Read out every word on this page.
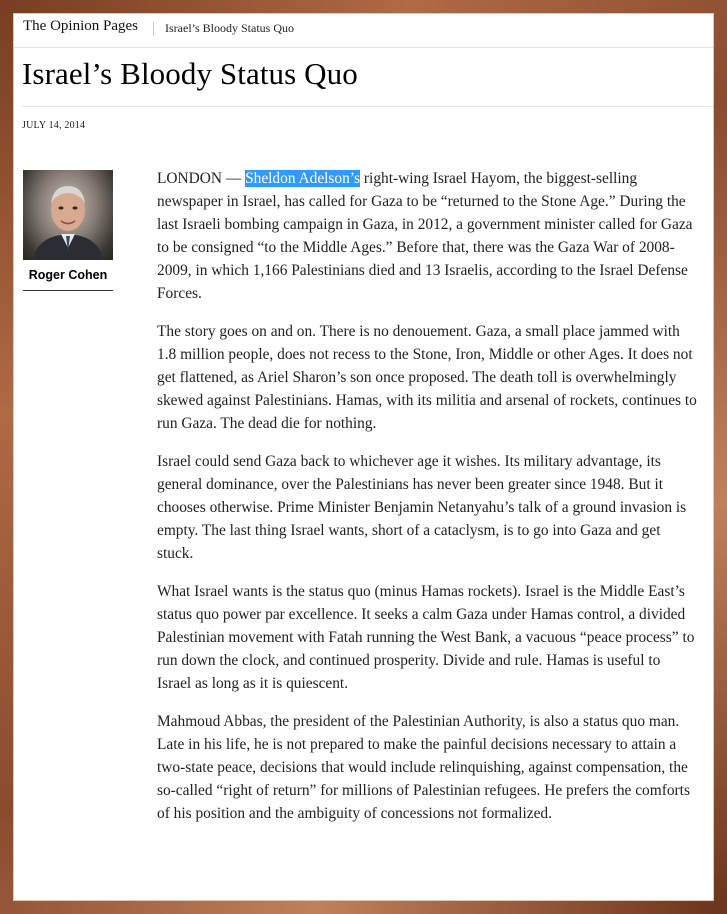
The Opinion Pages Israel’s Bloody Status Quo
Israel’s Bloody Status Quo
JULY 14, 2014
Roger Cohen

LONDON — Sheldon Adelson’s right-wing Israel Hayom, the biggest-selling newspaper in Israel, has called for Gaza to be “returned to the Stone Age.” During the last Israeli bombing campaign in Gaza, in 2012, a government minister called for Gaza to be consigned “to the Middle Ages.” Before that, there was the Gaza War of 2008-2009, in which 1,166 Palestinians died and 13 Israelis, according to the Israel Defense Forces.

The story goes on and on. There is no denouement. Gaza, a small place jammed with 1.8 million people, does not recess to the Stone, Iron, Middle or other Ages. It does not get flattened, as Ariel Sharon’s son once proposed. The death toll is overwhelmingly skewed against Palestinians. Hamas, with its militia and arsenal of rockets, continues to run Gaza. The dead die for nothing.

Israel could send Gaza back to whichever age it wishes. Its military advantage, its general dominance, over the Palestinians has never been greater since 1948. But it chooses otherwise. Prime Minister Benjamin Netanyahu’s talk of a ground invasion is empty. The last thing Israel wants, short of a cataclysm, is to go into Gaza and get stuck.

What Israel wants is the status quo (minus Hamas rockets). Israel is the Middle East’s status quo power par excellence. It seeks a calm Gaza under Hamas control, a divided Palestinian movement with Fatah running the West Bank, a vacuous “peace process” to run down the clock, and continued prosperity. Divide and rule. Hamas is useful to Israel as long as it is quiescent.

Mahmoud Abbas, the president of the Palestinian Authority, is also a status quo man. Late in his life, he is not prepared to make the painful decisions necessary to attain a two-state peace, decisions that would include relinquishing, against compensation, the so-called “right of return” for millions of Palestinian refugees. He prefers the comforts of his position and the ambiguity of concessions not formalized.
